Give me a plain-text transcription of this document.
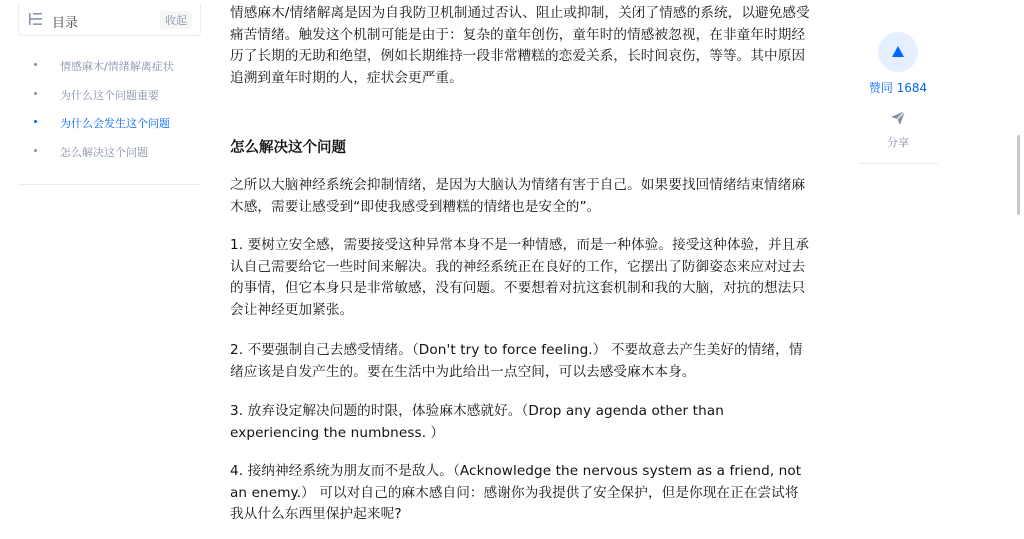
目录	收起
情感麻木/情绪解离症状
为什么这个问题重要
为什么会发生这个问题
怎么解决这个问题

情感麻木/情绪解离是因为自我防卫机制通过否认、阻止或抑制，关闭了情感的系统，以避免感受痛苦情绪。触发这个机制可能是由于：复杂的童年创伤，童年时的情感被忽视，在非童年时期经历了长期的无助和绝望，例如长期维持一段非常糟糕的恋爱关系，长时间哀伤，等等。其中原因追溯到童年时期的人，症状会更严重。

怎么解决这个问题

之所以大脑神经系统会抑制情绪，是因为大脑认为情绪有害于自己。如果要找回情绪结束情绪麻木感，需要让感受到“即使我感受到糟糕的情绪也是安全的”。

1. 要树立安全感，需要接受这种异常本身不是一种情感，而是一种体验。接受这种体验，并且承认自己需要给它一些时间来解决。我的神经系统正在良好的工作，它摆出了防御姿态来应对过去的事情，但它本身只是非常敏感，没有问题。不要想着对抗这套机制和我的大脑，对抗的想法只会让神经更加紧张。

2. 不要强制自己去感受情绪。（Don't try to force feeling.） 不要故意去产生美好的情绪，情绪应该是自发产生的。要在生活中为此给出一点空间，可以去感受麻木本身。

3. 放弃设定解决问题的时限，体验麻木感就好。（Drop any agenda other than experiencing the numbness. ）

4. 接纳神经系统为朋友而不是敌人。（Acknowledge the nervous system as a friend, not an enemy.） 可以对自己的麻木感自问：感谢你为我提供了安全保护，但是你现在正在尝试将我从什么东西里保护起来呢?

赞同 1684
分享
